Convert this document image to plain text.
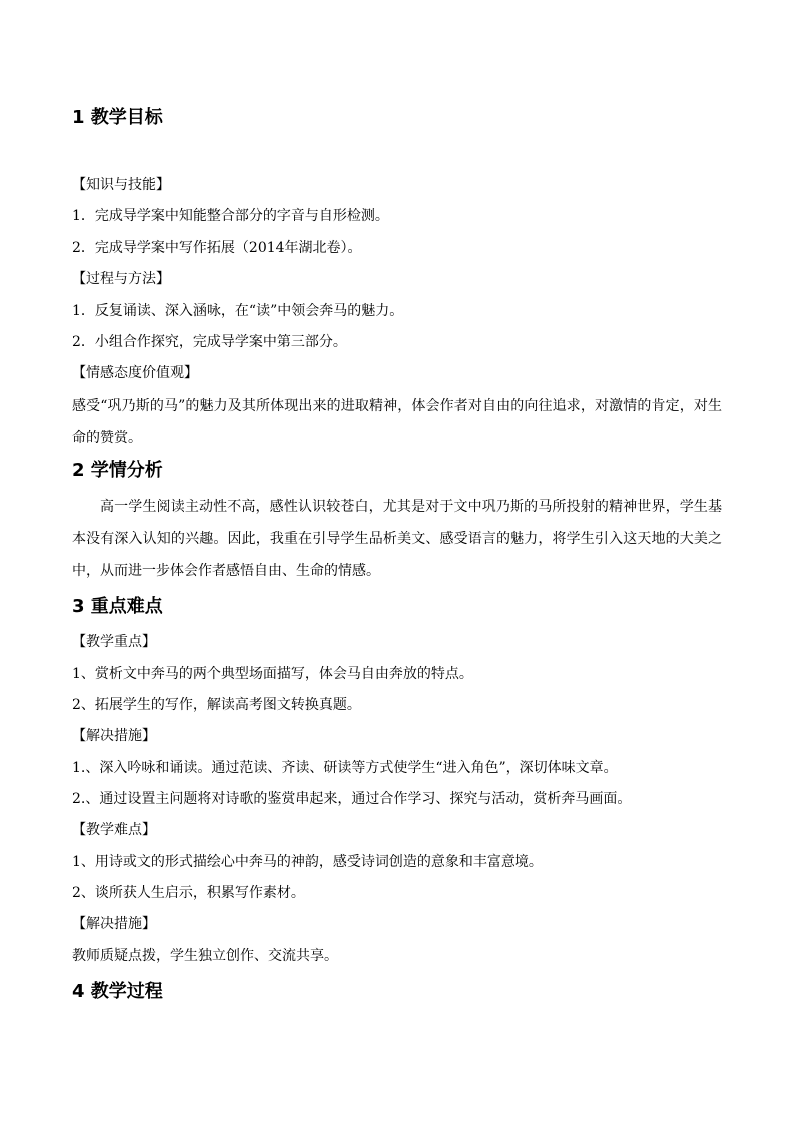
1 教学目标
【知识与技能】
1．完成导学案中知能整合部分的字音与自形检测。
2．完成导学案中写作拓展（2014年湖北卷）。
【过程与方法】
1．反复诵读、深入涵咏，在“读”中领会奔马的魅力。
2．小组合作探究，完成导学案中第三部分。
【情感态度价值观】
感受“巩乃斯的马”的魅力及其所体现出来的进取精神，体会作者对自由的向往追求，对激情的肯定，对生命的赞赏。
2 学情分析
高一学生阅读主动性不高，感性认识较苍白，尤其是对于文中巩乃斯的马所投射的精神世界，学生基本没有深入认知的兴趣。因此，我重在引导学生品析美文、感受语言的魅力，将学生引入这天地的大美之中，从而进一步体会作者感悟自由、生命的情感。
3 重点难点
【教学重点】
1、赏析文中奔马的两个典型场面描写，体会马自由奔放的特点。
2、拓展学生的写作，解读高考图文转换真题。
【解决措施】
1.、深入吟咏和诵读。通过范读、齐读、研读等方式使学生“进入角色”，深切体味文章。
2.、通过设置主问题将对诗歌的鉴赏串起来，通过合作学习、探究与活动，赏析奔马画面。
【教学难点】
1、用诗或文的形式描绘心中奔马的神韵，感受诗词创造的意象和丰富意境。
2、谈所获人生启示，积累写作素材。
【解决措施】
教师质疑点拨，学生独立创作、交流共享。
4 教学过程
